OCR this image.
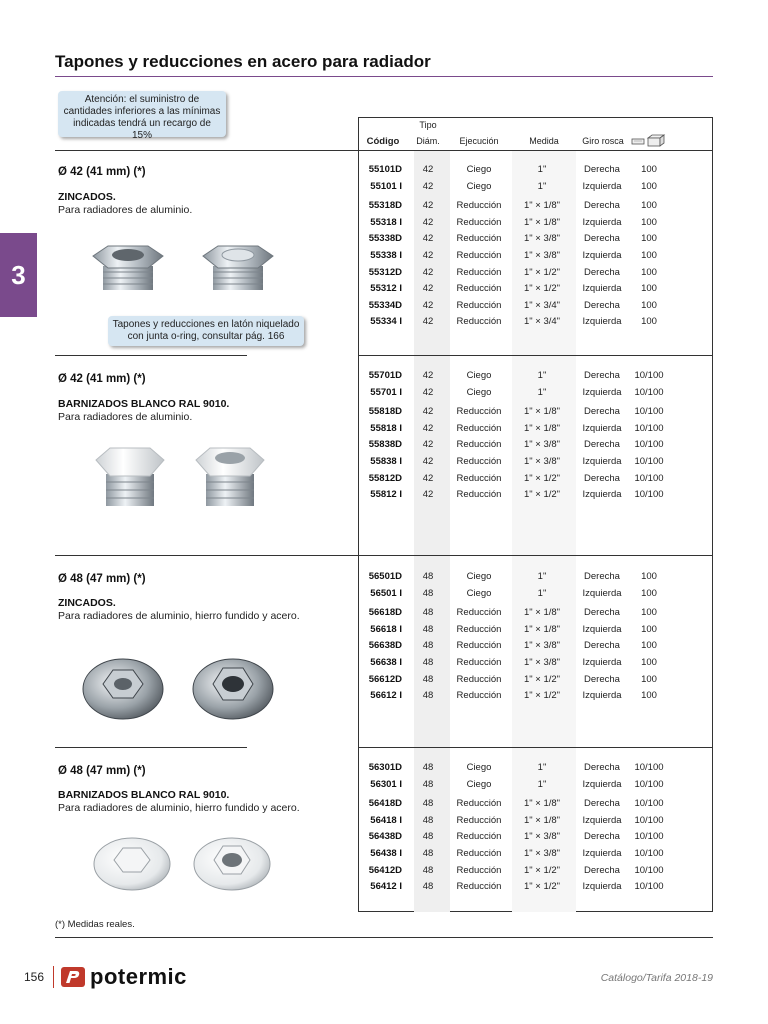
Tapones y reducciones en acero para radiador
Atención: el suministro de cantidades inferiores a las mínimas indicadas tendrá un recargo de 15%
3
Código
Tipo
Diám.	Ejecución	Medida	Giro rosca
Ø 42 (41 mm) (*)
ZINCADOS.
Para radiadores de aluminio.
Tapones y reducciones en latón niquelado con junta o-ring, consultar pág. 166
Ø 42 (41 mm) (*)
BARNIZADOS BLANCO RAL 9010.
Para radiadores de aluminio.
Ø 48 (47 mm) (*)
ZINCADOS.
Para radiadores de aluminio, hierro fundido y acero.
Ø 48 (47 mm) (*)
BARNIZADOS BLANCO RAL 9010.
Para radiadores de aluminio, hierro fundido y acero.
55101D	42	Ciego	1"	Derecha	100
55101 I	42	Ciego	1"	Izquierda	100
55318D	42	Reducción	1" × 1/8"	Derecha	100
55318 I	42	Reducción	1" × 1/8"	Izquierda	100
55338D	42	Reducción	1" × 3/8"	Derecha	100
55338 I	42	Reducción	1" × 3/8"	Izquierda	100
55312D	42	Reducción	1" × 1/2"	Derecha	100
55312 I	42	Reducción	1" × 1/2"	Izquierda	100
55334D	42	Reducción	1" × 3/4"	Derecha	100
55334 I	42	Reducción	1" × 3/4"	Izquierda	100
55701D	42	Ciego	1"	Derecha	10/100
55701 I	42	Ciego	1"	Izquierda	10/100
55818D	42	Reducción	1" × 1/8"	Derecha	10/100
55818 I	42	Reducción	1" × 1/8"	Izquierda	10/100
55838D	42	Reducción	1" × 3/8"	Derecha	10/100
55838 I	42	Reducción	1" × 3/8"	Izquierda	10/100
55812D	42	Reducción	1" × 1/2"	Derecha	10/100
55812 I	42	Reducción	1" × 1/2"	Izquierda	10/100
56501D	48	Ciego	1"	Derecha	100
56501 I	48	Ciego	1"	Izquierda	100
56618D	48	Reducción	1" × 1/8"	Derecha	100
56618 I	48	Reducción	1" × 1/8"	Izquierda	100
56638D	48	Reducción	1" × 3/8"	Derecha	100
56638 I	48	Reducción	1" × 3/8"	Izquierda	100
56612D	48	Reducción	1" × 1/2"	Derecha	100
56612 I	48	Reducción	1" × 1/2"	Izquierda	100
56301D	48	Ciego	1"	Derecha	10/100
56301 I	48	Ciego	1"	Izquierda	10/100
56418D	48	Reducción	1" × 1/8"	Derecha	10/100
56418 I	48	Reducción	1" × 1/8"	Izquierda	10/100
56438D	48	Reducción	1" × 3/8"	Derecha	10/100
56438 I	48	Reducción	1" × 3/8"	Izquierda	10/100
56412D	48	Reducción	1" × 1/2"	Derecha	10/100
56412 I	48	Reducción	1" × 1/2"	Izquierda	10/100
(*) Medidas reales.
156 potermic	Catálogo/Tarifa 2018-19
